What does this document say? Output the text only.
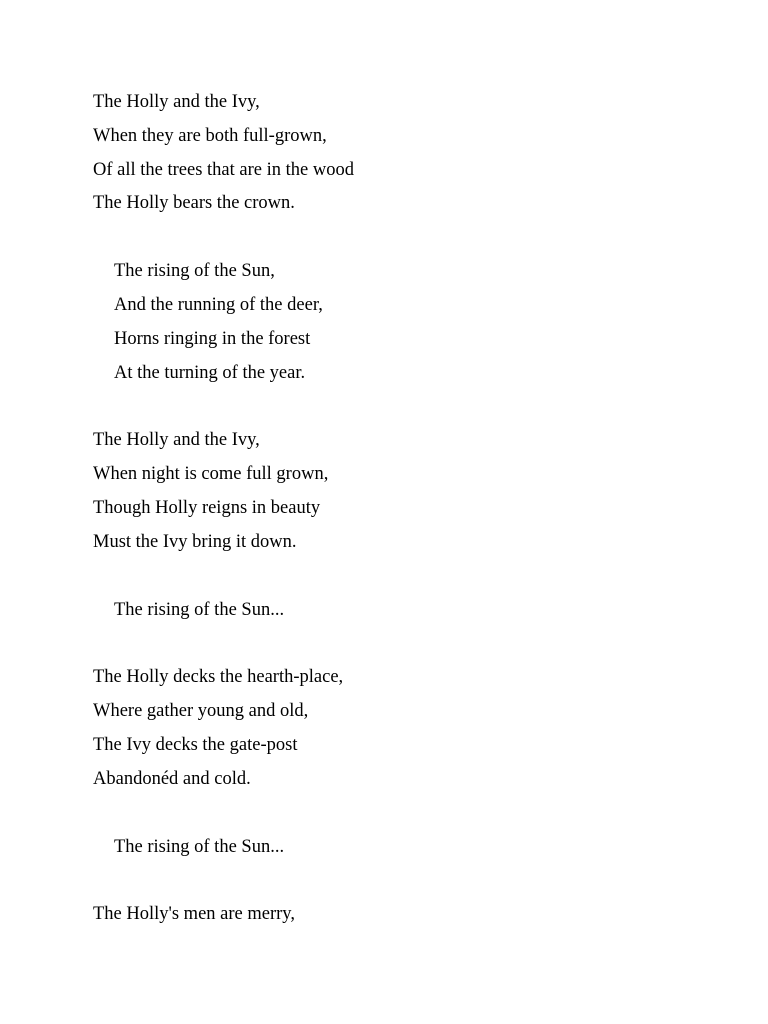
The Holly and the Ivy,

When they are both full-grown,

Of all the trees that are in the wood

The Holly bears the crown.

The rising of the Sun,

And the running of the deer,

Horns ringing in the forest

At the turning of the year.

The Holly and the Ivy,

When night is come full grown,

Though Holly reigns in beauty

Must the Ivy bring it down.

The rising of the Sun...

The Holly decks the hearth-place,

Where gather young and old,

The Ivy decks the gate-post

Abandonéd and cold.

The rising of the Sun...

The Holly's men are merry,
